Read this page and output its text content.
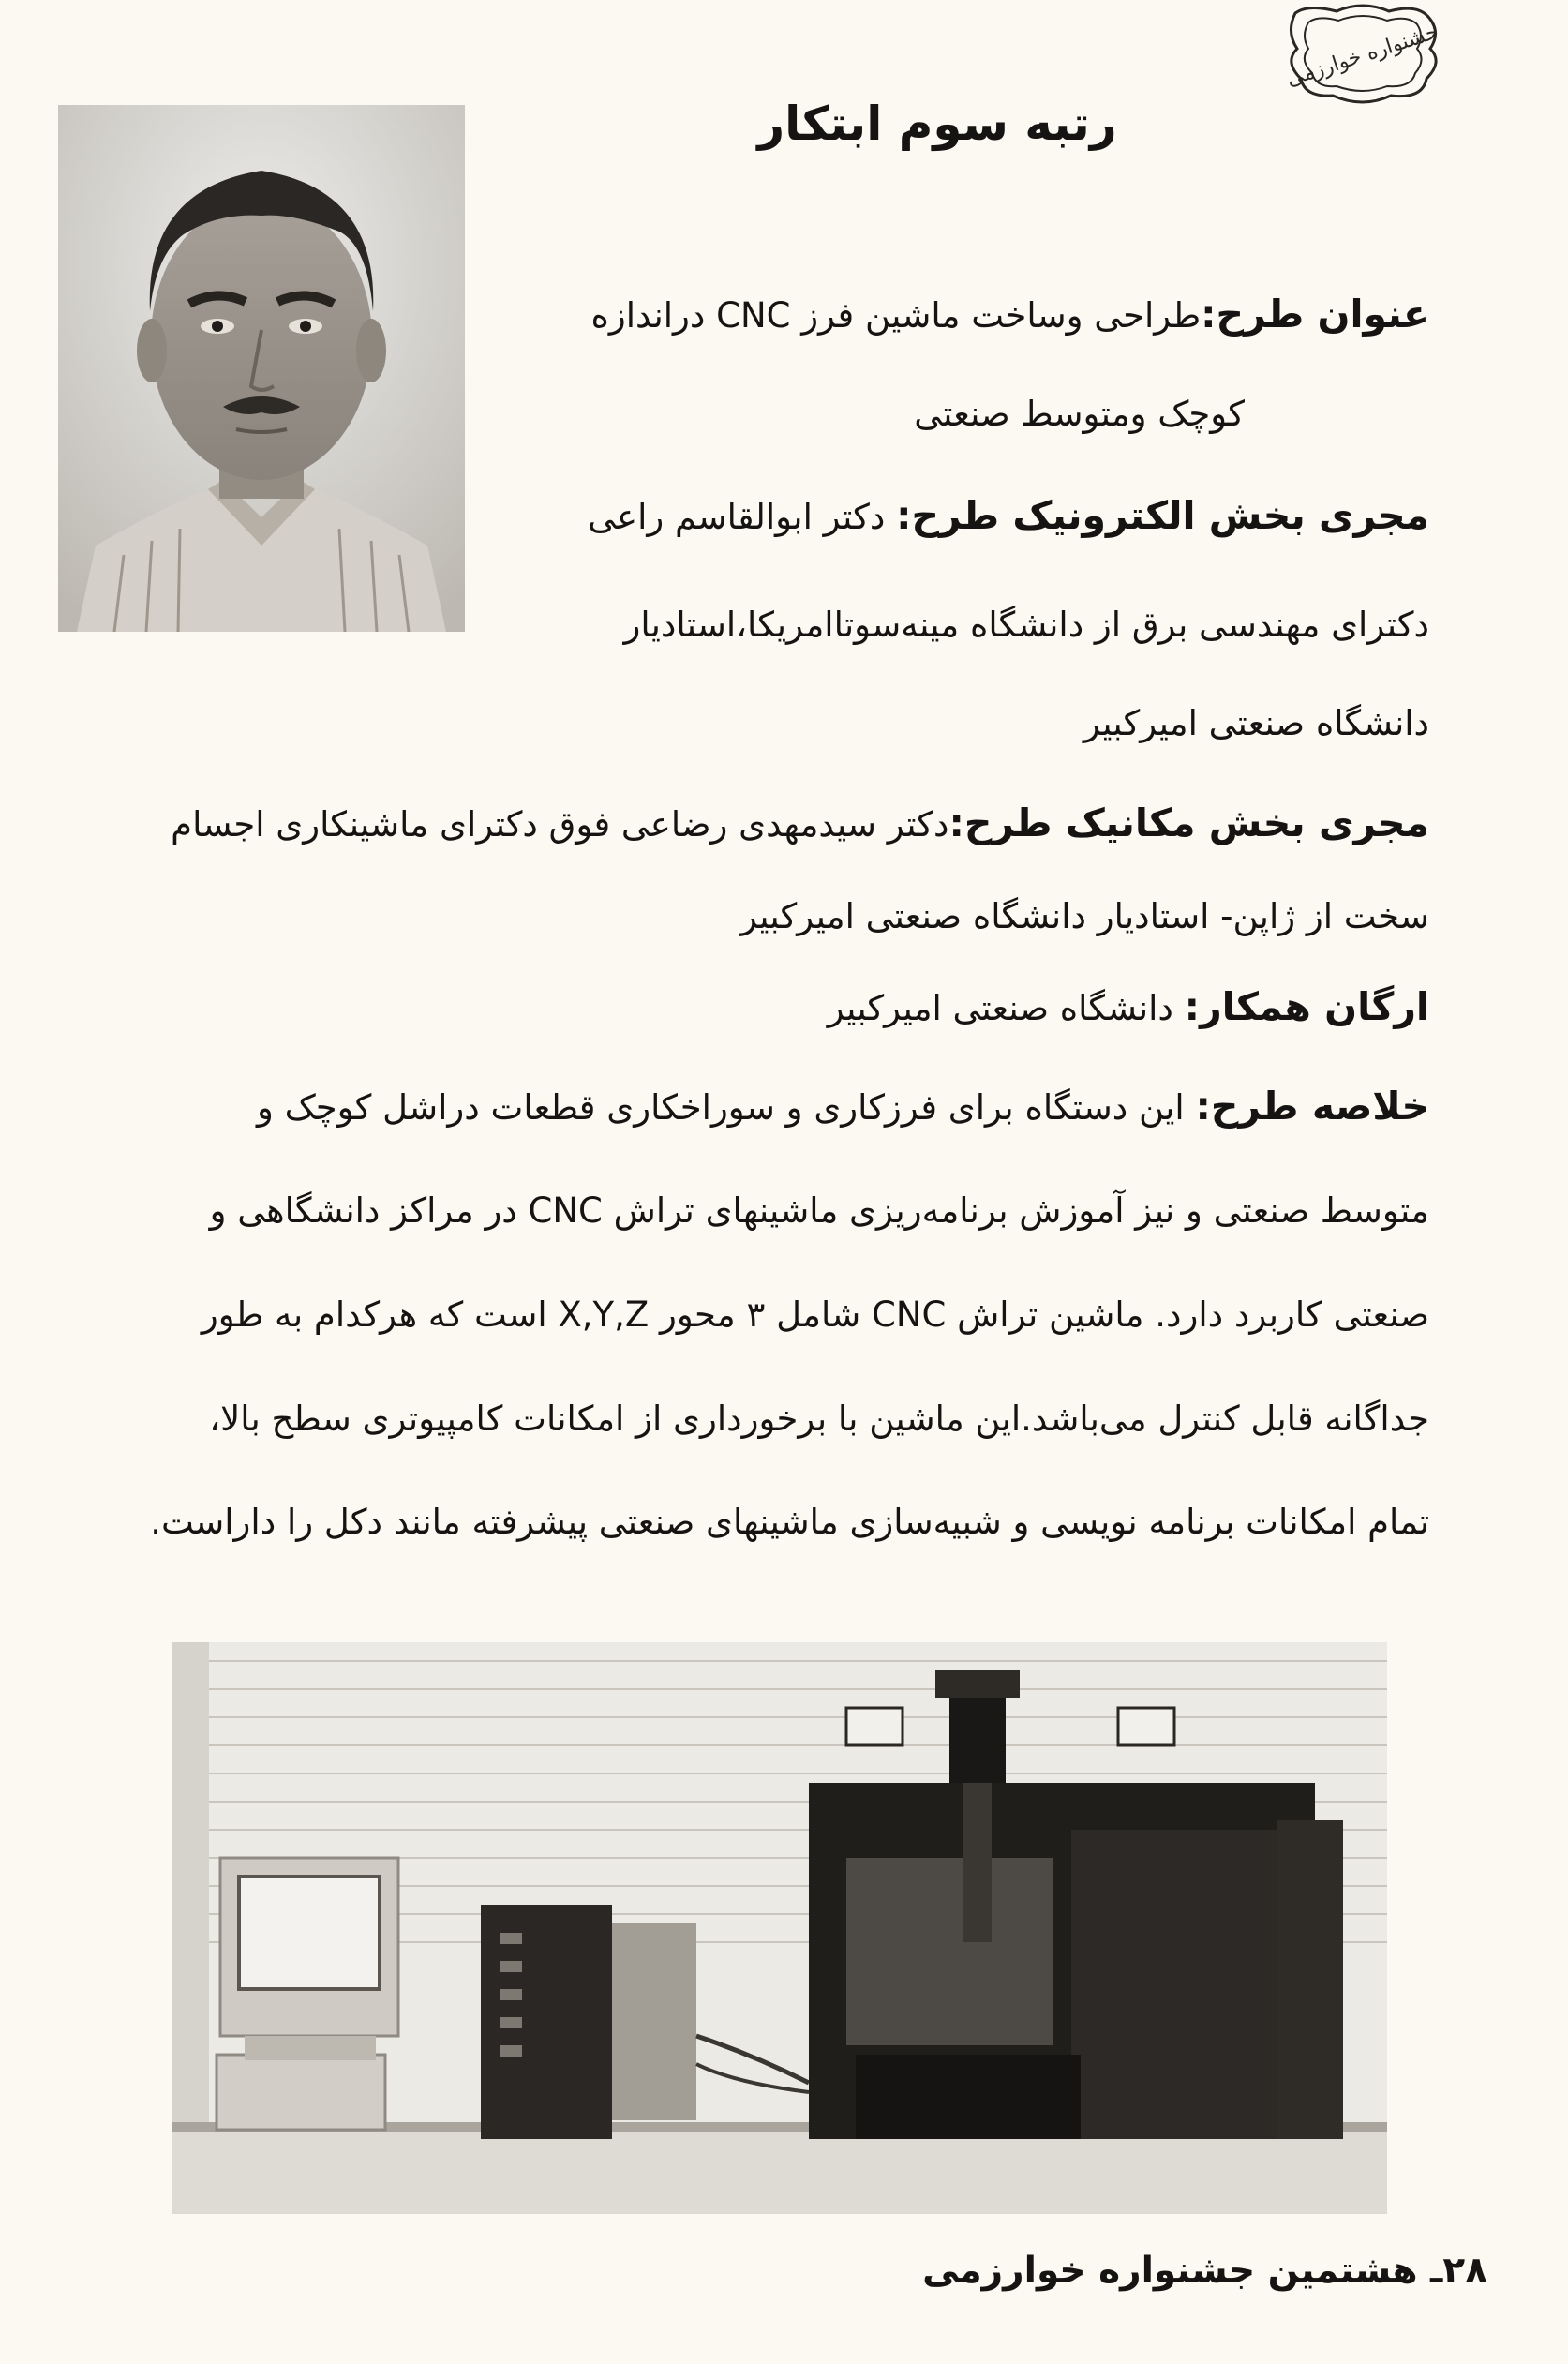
جشنواره خوارزمی
رتبه سوم ابتکار
عنوان طرح:طراحی وساخت ماشین فرز CNC دراندازه
کوچک ومتوسط صنعتی
مجری بخش الکترونیک طرح: دکتر ابوالقاسم راعی
دکترای مهندسی برق از دانشگاه مینه‌سوتاامریکا،استادیار
دانشگاه صنعتی امیرکبیر
مجری بخش مکانیک طرح:دکتر سیدمهدی رضاعی فوق دکترای ماشینکاری اجسام
سخت از ژاپن- استادیار دانشگاه صنعتی امیرکبیر
ارگان همکار: دانشگاه صنعتی امیرکبیر
خلاصه طرح: این دستگاه برای فرزکاری و سوراخکاری قطعات دراشل کوچک و
متوسط صنعتی و نیز آموزش برنامه‌ریزی ماشینهای تراش CNC در مراکز دانشگاهی و
صنعتی کاربرد دارد. ماشین تراش CNC شامل ۳ محور X,Y,Z است که هرکدام به طور
جداگانه قابل کنترل می‌باشد.این ماشین با برخورداری از امکانات کامپیوتری سطح بالا،
تمام امکانات برنامه نویسی و شبیه‌سازی ماشینهای صنعتی پیشرفته مانند دکل را داراست.
۲۸ـ هشتمین جشنواره خوارزمی
